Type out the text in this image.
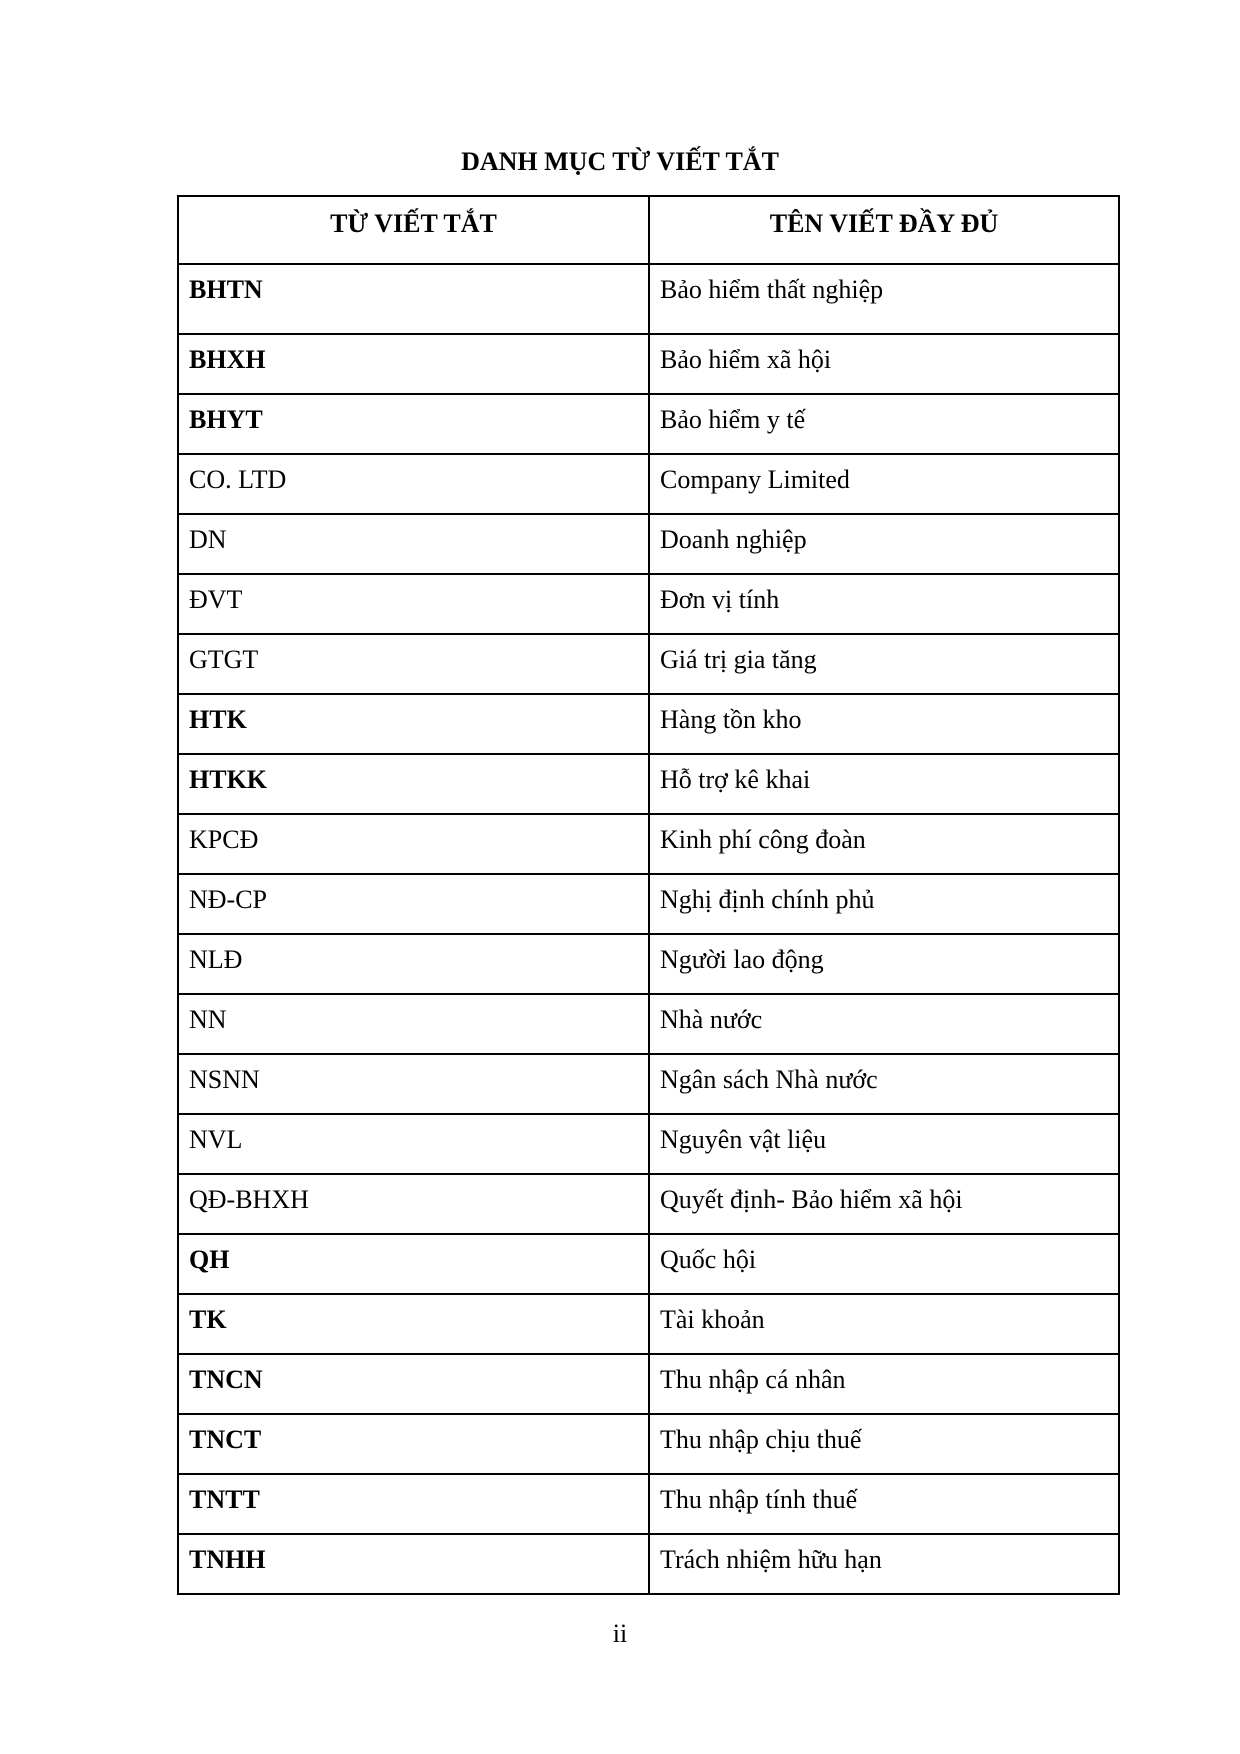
DANH MỤC TỪ VIẾT TẮT
TỪ VIẾT TẮT	TÊN VIẾT ĐẦY ĐỦ
BHTN	Bảo hiểm thất nghiệp
BHXH	Bảo hiểm xã hội
BHYT	Bảo hiểm y tế
CO. LTD	Company Limited
DN	Doanh nghiệp
ĐVT	Đơn vị tính
GTGT	Giá trị gia tăng
HTK	Hàng tồn kho
HTKK	Hỗ trợ kê khai
KPCĐ	Kinh phí công đoàn
NĐ-CP	Nghị định chính phủ
NLĐ	Người lao động
NN	Nhà nước
NSNN	Ngân sách Nhà nước
NVL	Nguyên vật liệu
QĐ-BHXH	Quyết định- Bảo hiểm xã hội
QH	Quốc hội
TK	Tài khoản
TNCN	Thu nhập cá nhân
TNCT	Thu nhập chịu thuế
TNTT	Thu nhập tính thuế
TNHH	Trách nhiệm hữu hạn
ii
